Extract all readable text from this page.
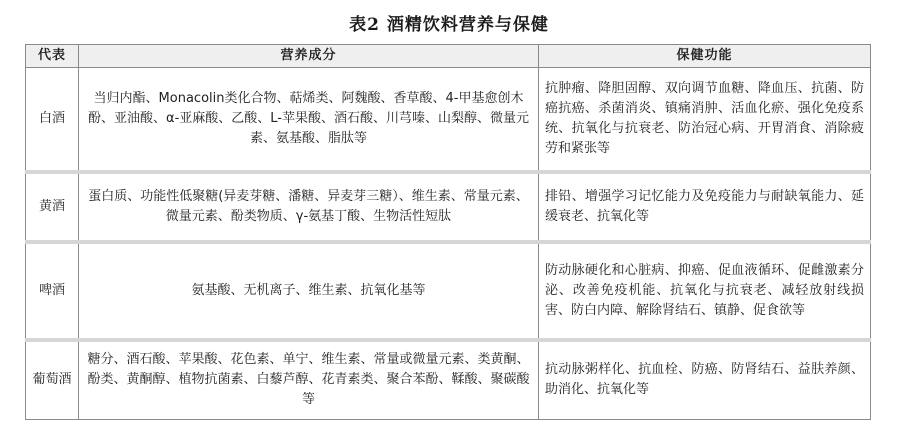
表2 酒精饮料营养与保健
代表	营养成分	保健功能
白酒	当归内酯、Monacolin类化合物、萜烯类、阿魏酸、香草酸、4-甲基愈创木酚、亚油酸、α-亚麻酸、乙酸、L-苹果酸、酒石酸、川芎嗪、山梨醇、微量元素、氨基酸、脂肽等	抗肿瘤、降胆固醇、双向调节血糖、降血压、抗菌、防癌抗癌、杀菌消炎、镇痛消肿、活血化瘀、强化免疫系统、抗氧化与抗衰老、防治冠心病、开胃消食、消除疲劳和紧张等
黄酒	蛋白质、功能性低聚糖(异麦芽糖、潘糖、异麦芽三糖）、维生素、常量元素、微量元素、酚类物质、γ-氨基丁酸、生物活性短肽	排铅、增强学习记忆能力及免疫能力与耐缺氧能力、延缓衰老、抗氧化等
啤酒	氨基酸、无机离子、维生素、抗氧化基等	防动脉硬化和心脏病、抑癌、促血液循环、促雌激素分泌、改善免疫机能、抗氧化与抗衰老、减轻放射线损害、防白内障、解除肾结石、镇静、促食欲等
葡萄酒	糖分、酒石酸、苹果酸、花色素、单宁、维生素、常量或微量元素、类黄酮、酚类、黄酮醇、植物抗菌素、白藜芦醇、花青素类、聚合苯酚、鞣酸、聚碳酸等	抗动脉粥样化、抗血栓、防癌、防肾结石、益肤养颜、助消化、抗氧化等
